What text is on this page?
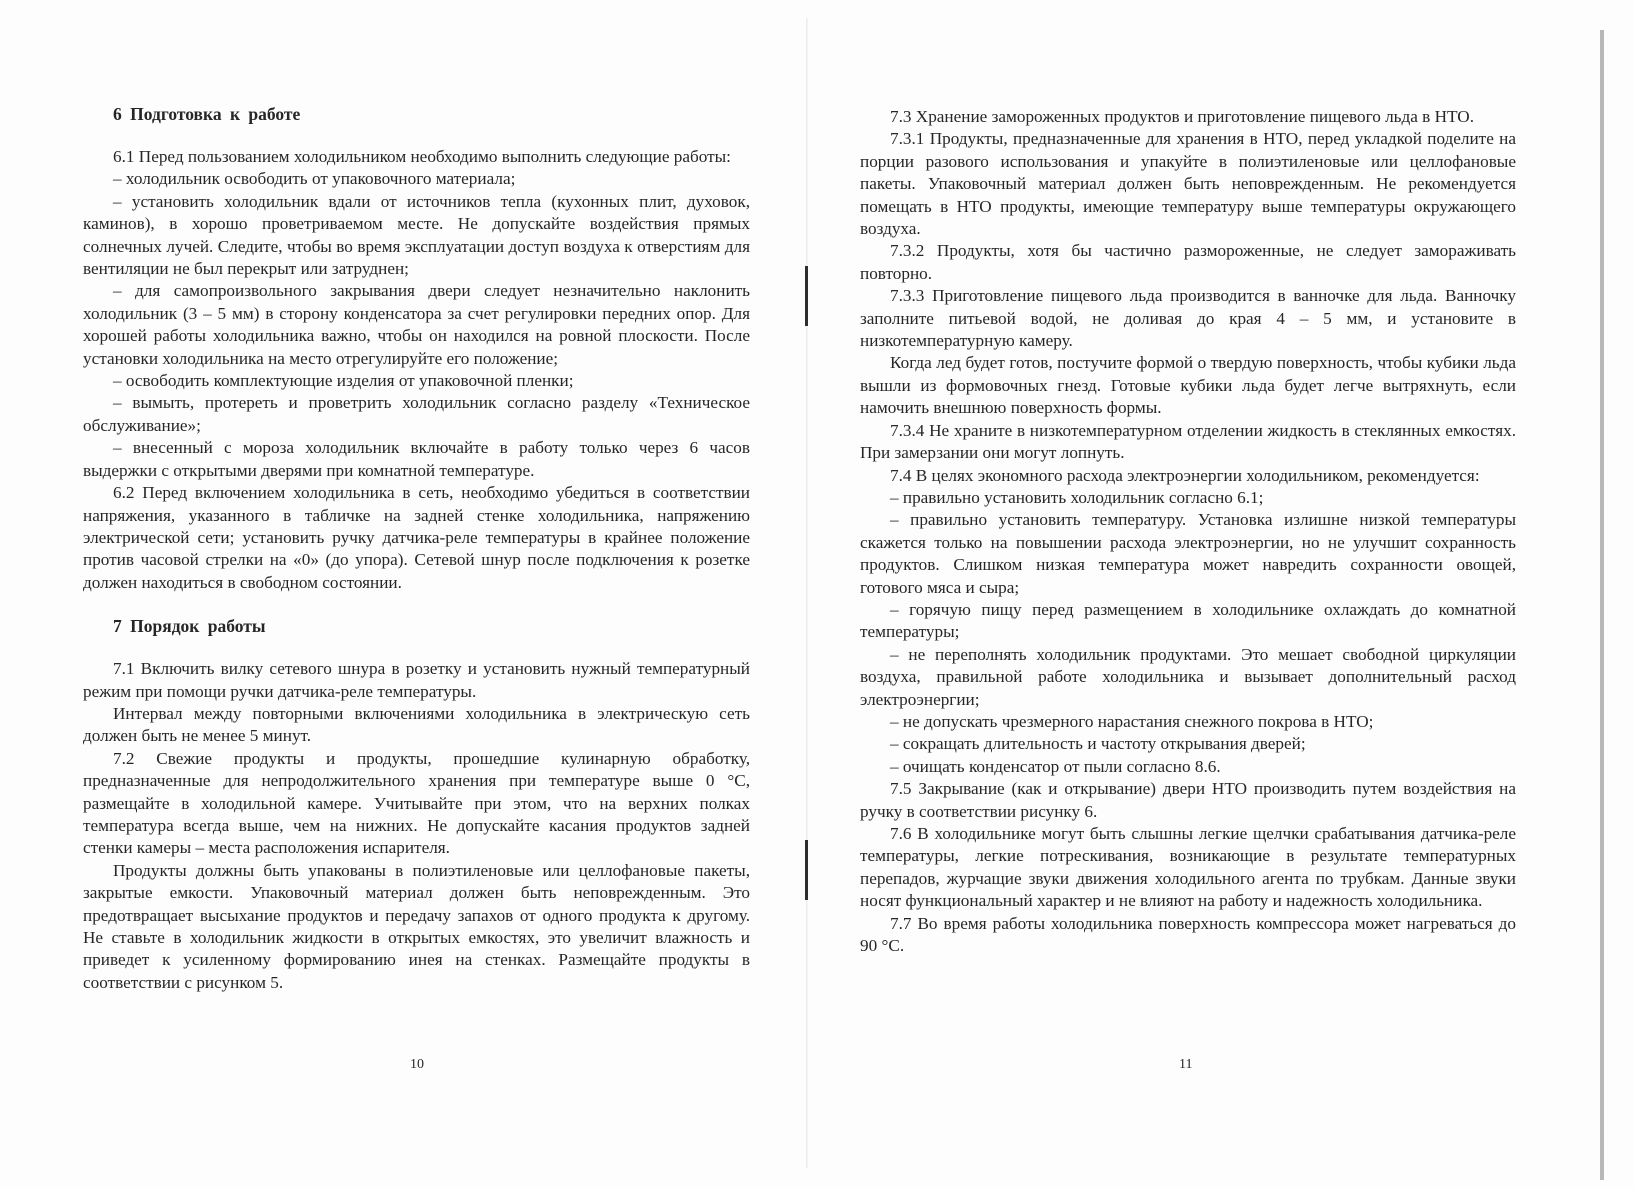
6 Подготовка к работе

6.1 Перед пользованием холодильником необходимо выполнить следующие работы:

– холодильник освободить от упаковочного материала;

– установить холодильник вдали от источников тепла (кухонных плит, духовок, каминов), в хорошо проветриваемом месте. Не допускайте воздействия прямых солнечных лучей. Следите, чтобы во время эксплуатации доступ воздуха к отверстиям для вентиляции не был перекрыт или затруднен;

– для самопроизвольного закрывания двери следует незначительно наклонить холодильник (3 – 5 мм) в сторону конденсатора за счет регулировки передних опор. Для хорошей работы холодильника важно, чтобы он находился на ровной плоскости. После установки холодильника на место отрегулируйте его положение;

– освободить комплектующие изделия от упаковочной пленки;

– вымыть, протереть и проветрить холодильник согласно разделу «Техническое обслуживание»;

– внесенный с мороза холодильник включайте в работу только через 6 часов выдержки с открытыми дверями при комнатной температуре.

6.2 Перед включением холодильника в сеть, необходимо убедиться в соответствии напряжения, указанного в табличке на задней стенке холодильника, напряжению электрической сети; установить ручку датчика-реле температуры в крайнее положение против часовой стрелки на «0» (до упора). Сетевой шнур после подключения к розетке должен находиться в свободном состоянии.

7 Порядок работы

7.1 Включить вилку сетевого шнура в розетку и установить нужный температурный режим при помощи ручки датчика-реле температуры.

Интервал между повторными включениями холодильника в электрическую сеть должен быть не менее 5 минут.

7.2 Свежие продукты и продукты, прошедшие кулинарную обработку, предназначенные для непродолжительного хранения при температуре выше 0 °С, размещайте в холодильной камере. Учитывайте при этом, что на верхних полках температура всегда выше, чем на нижних. Не допускайте касания продуктов задней стенки камеры – места расположения испарителя.

Продукты должны быть упакованы в полиэтиленовые или целлофановые пакеты, закрытые емкости. Упаковочный материал должен быть неповрежденным. Это предотвращает высыхание продуктов и передачу запахов от одного продукта к другому. Не ставьте в холодильник жидкости в открытых емкостях, это увеличит влажность и приведет к усиленному формированию инея на стенках. Размещайте продукты в соответствии с рисунком 5.

10

7.3 Хранение замороженных продуктов и приготовление пищевого льда в НТО.

7.3.1 Продукты, предназначенные для хранения в НТО, перед укладкой поделите на порции разового использования и упакуйте в полиэтиленовые или целлофановые пакеты. Упаковочный материал должен быть неповрежденным. Не рекомендуется помещать в НТО продукты, имеющие температуру выше температуры окружающего воздуха.

7.3.2 Продукты, хотя бы частично размороженные, не следует замораживать повторно.

7.3.3 Приготовление пищевого льда производится в ванночке для льда. Ванночку заполните питьевой водой, не доливая до края 4 – 5 мм, и установите в низкотемпературную камеру.

Когда лед будет готов, постучите формой о твердую поверхность, чтобы кубики льда вышли из формовочных гнезд. Готовые кубики льда будет легче вытряхнуть, если намочить внешнюю поверхность формы.

7.3.4 Не храните в низкотемпературном отделении жидкость в стеклянных емкостях. При замерзании они могут лопнуть.

7.4 В целях экономного расхода электроэнергии холодильником, рекомендуется:

– правильно установить холодильник согласно 6.1;

– правильно установить температуру. Установка излишне низкой температуры скажется только на повышении расхода электроэнергии, но не улучшит сохранность продуктов. Слишком низкая температура может навредить сохранности овощей, готового мяса и сыра;

– горячую пищу перед размещением в холодильнике охлаждать до комнатной температуры;

– не переполнять холодильник продуктами. Это мешает свободной циркуляции воздуха, правильной работе холодильника и вызывает дополнительный расход электроэнергии;

– не допускать чрезмерного нарастания снежного покрова в НТО;

– сокращать длительность и частоту открывания дверей;

– очищать конденсатор от пыли согласно 8.6.

7.5 Закрывание (как и открывание) двери НТО производить путем воздействия на ручку в соответствии рисунку 6.

7.6 В холодильнике могут быть слышны легкие щелчки срабатывания датчика-реле температуры, легкие потрескивания, возникающие в результате температурных перепадов, журчащие звуки движения холодильного агента по трубкам. Данные звуки носят функциональный характер и не влияют на работу и надежность холодильника.

7.7 Во время работы холодильника поверхность компрессора может нагреваться до 90 °С.

11
